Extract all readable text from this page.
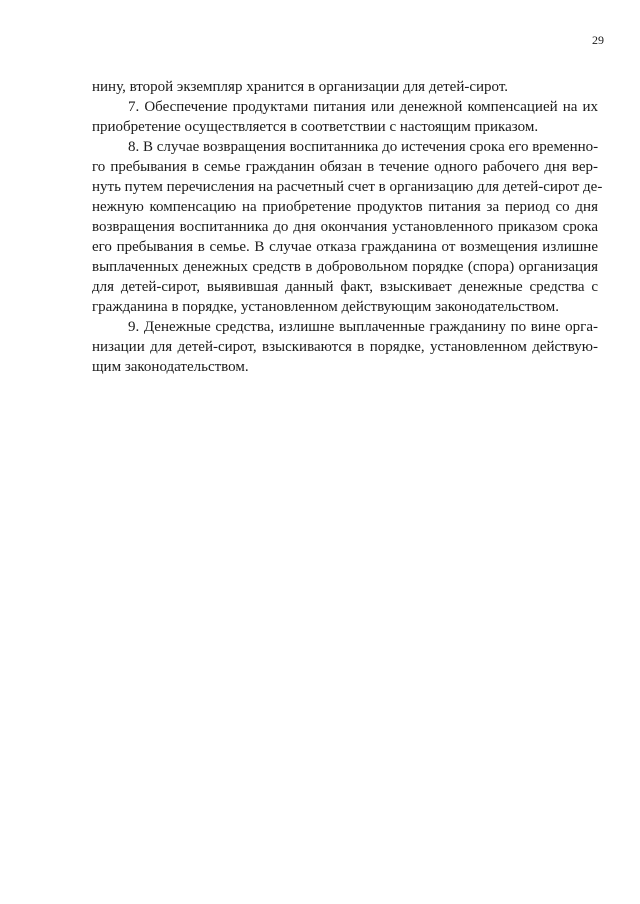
29
нину, второй экземпляр хранится в организации для детей-сирот.
7. Обеспечение продуктами питания или денежной компенсацией на их
приобретение осуществляется в соответствии с настоящим приказом.
8. В случае возвращения воспитанника до истечения срока его временно-
го пребывания в семье гражданин обязан в течение одного рабочего дня вер-
нуть путем перечисления на расчетный счет в организацию для детей-сирот де-
нежную компенсацию на приобретение продуктов питания за период со дня
возвращения воспитанника до дня окончания установленного приказом срока
его пребывания в семье. В случае отказа гражданина от возмещения излишне
выплаченных денежных средств в добровольном порядке (спора) организация
для детей-сирот, выявившая данный факт, взыскивает денежные средства с
гражданина в порядке, установленном действующим законодательством.
9. Денежные средства, излишне выплаченные гражданину по вине орга-
низации для детей-сирот, взыскиваются в порядке, установленном действую-
щим законодательством.
